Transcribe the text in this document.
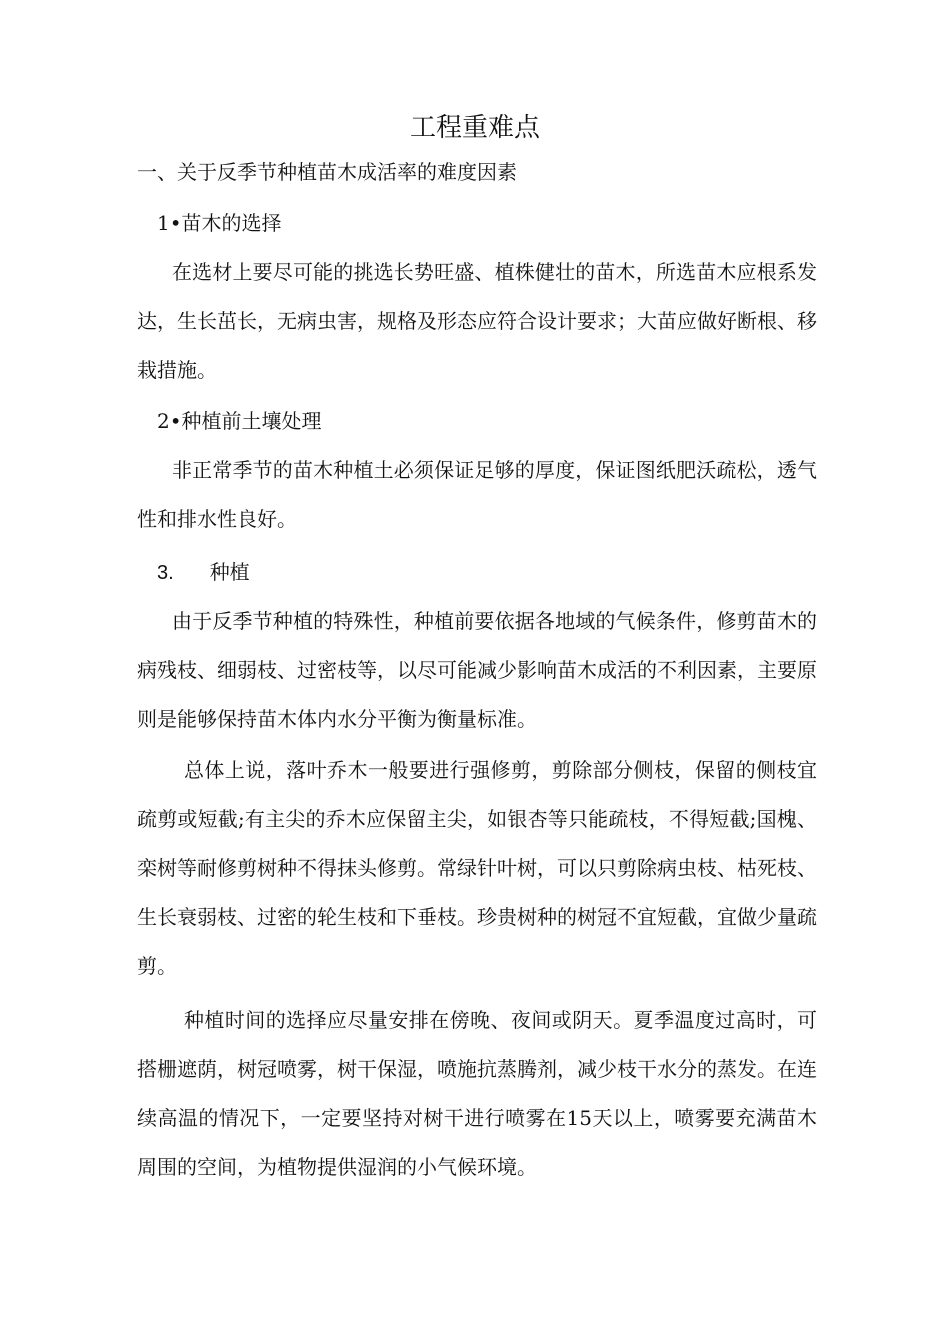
工程重难点
一、关于反季节种植苗木成活率的难度因素
1•苗木的选择
在选材上要尽可能的挑选长势旺盛、植株健壮的苗木，所选苗木应根系发达，生长茁长，无病虫害，规格及形态应符合设计要求；大苗应做好断根、移栽措施。
2•种植前土壤处理
非正常季节的苗木种植土必须保证足够的厚度，保证图纸肥沃疏松，透气性和排水性良好。
3. 种植
由于反季节种植的特殊性，种植前要依据各地域的气候条件，修剪苗木的病残枝、细弱枝、过密枝等，以尽可能减少影响苗木成活的不利因素，主要原则是能够保持苗木体内水分平衡为衡量标准。
总体上说，落叶乔木一般要进行强修剪，剪除部分侧枝，保留的侧枝宜疏剪或短截;有主尖的乔木应保留主尖，如银杏等只能疏枝，不得短截;国槐、栾树等耐修剪树种不得抹头修剪。常绿针叶树，可以只剪除病虫枝、枯死枝、生长衰弱枝、过密的轮生枝和下垂枝。珍贵树种的树冠不宜短截，宜做少量疏剪。
种植时间的选择应尽量安排在傍晚、夜间或阴天。夏季温度过高时，可搭栅遮荫，树冠喷雾，树干保湿，喷施抗蒸腾剂，减少枝干水分的蒸发。在连续高温的情况下，一定要坚持对树干进行喷雾在15天以上，喷雾要充满苗木周围的空间，为植物提供湿润的小气候环境。
